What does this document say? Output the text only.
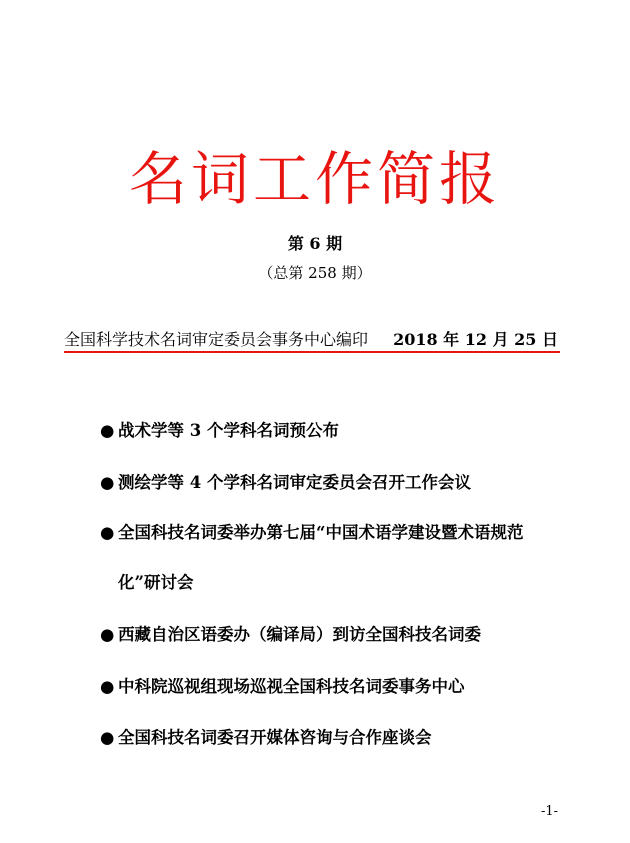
名词工作简报
第 6 期
（总第 258 期）
全国科学技术名词审定委员会事务中心编印 2018 年 12 月 25 日
● 战术学等 3 个学科名词预公布
● 测绘学等 4 个学科名词审定委员会召开工作会议
● 全国科技名词委举办第七届“中国术语学建设暨术语规范
化”研讨会
● 西藏自治区语委办（编译局）到访全国科技名词委
● 中科院巡视组现场巡视全国科技名词委事务中心
● 全国科技名词委召开媒体咨询与合作座谈会
-1-
